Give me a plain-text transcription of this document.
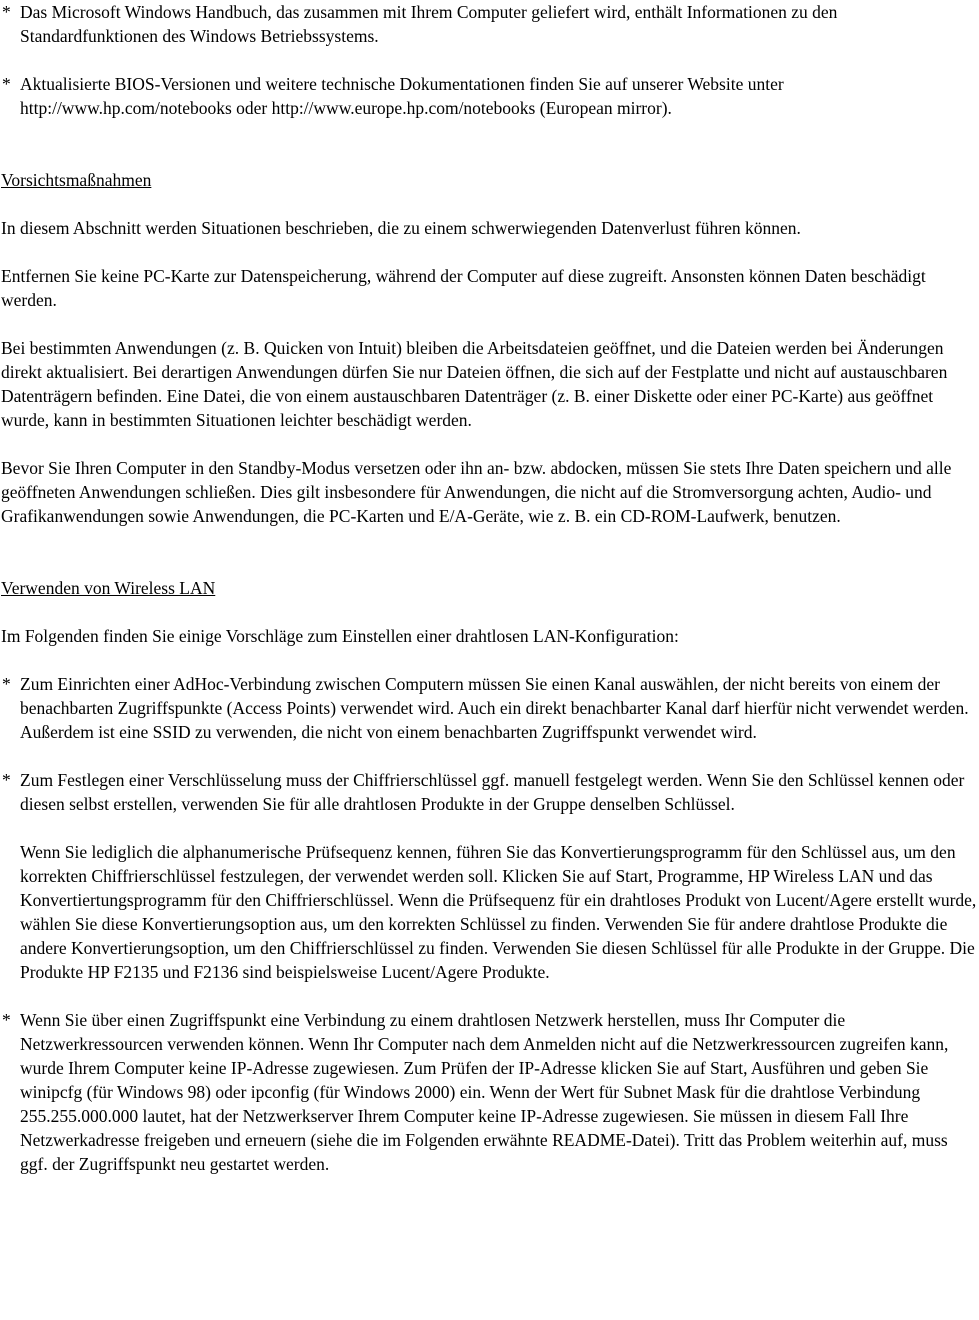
* Das Microsoft Windows Handbuch, das zusammen mit Ihrem Computer geliefert wird, enthält Informationen zu den Standardfunktionen des Windows Betriebssystems.

* Aktualisierte BIOS-Versionen und weitere technische Dokumentationen finden Sie auf unserer Website unter http://www.hp.com/notebooks oder http://www.europe.hp.com/notebooks (European mirror).

Vorsichtsmaßnahmen

In diesem Abschnitt werden Situationen beschrieben, die zu einem schwerwiegenden Datenverlust führen können.

Entfernen Sie keine PC-Karte zur Datenspeicherung, während der Computer auf diese zugreift. Ansonsten können Daten beschädigt werden.

Bei bestimmten Anwendungen (z. B. Quicken von Intuit) bleiben die Arbeitsdateien geöffnet, und die Dateien werden bei Änderungen direkt aktualisiert. Bei derartigen Anwendungen dürfen Sie nur Dateien öffnen, die sich auf der Festplatte und nicht auf austauschbaren Datenträgern befinden. Eine Datei, die von einem austauschbaren Datenträger (z. B. einer Diskette oder einer PC-Karte) aus geöffnet wurde, kann in bestimmten Situationen leichter beschädigt werden.

Bevor Sie Ihren Computer in den Standby-Modus versetzen oder ihn an- bzw. abdocken, müssen Sie stets Ihre Daten speichern und alle geöffneten Anwendungen schließen. Dies gilt insbesondere für Anwendungen, die nicht auf die Stromversorgung achten, Audio- und Grafikanwendungen sowie Anwendungen, die PC-Karten und E/A-Geräte, wie z. B. ein CD-ROM-Laufwerk, benutzen.

Verwenden von Wireless LAN

Im Folgenden finden Sie einige Vorschläge zum Einstellen einer drahtlosen LAN-Konfiguration:

* Zum Einrichten einer AdHoc-Verbindung zwischen Computern müssen Sie einen Kanal auswählen, der nicht bereits von einem der benachbarten Zugriffspunkte (Access Points) verwendet wird. Auch ein direkt benachbarter Kanal darf hierfür nicht verwendet werden. Außerdem ist eine SSID zu verwenden, die nicht von einem benachbarten Zugriffspunkt verwendet wird.

* Zum Festlegen einer Verschlüsselung muss der Chiffrierschlüssel ggf. manuell festgelegt werden. Wenn Sie den Schlüssel kennen oder diesen selbst erstellen, verwenden Sie für alle drahtlosen Produkte in der Gruppe denselben Schlüssel.

Wenn Sie lediglich die alphanumerische Prüfsequenz kennen, führen Sie das Konvertierungsprogramm für den Schlüssel aus, um den korrekten Chiffrierschlüssel festzulegen, der verwendet werden soll. Klicken Sie auf Start, Programme, HP Wireless LAN und das Konvertiertungsprogramm für den Chiffrierschlüssel. Wenn die Prüfsequenz für ein drahtloses Produkt von Lucent/Agere erstellt wurde, wählen Sie diese Konvertierungsoption aus, um den korrekten Schlüssel zu finden. Verwenden Sie für andere drahtlose Produkte die andere Konvertierungsoption, um den Chiffrierschlüssel zu finden. Verwenden Sie diesen Schlüssel für alle Produkte in der Gruppe. Die Produkte HP F2135 und F2136 sind beispielsweise Lucent/Agere Produkte.

* Wenn Sie über einen Zugriffspunkt eine Verbindung zu einem drahtlosen Netzwerk herstellen, muss Ihr Computer die Netzwerkressourcen verwenden können. Wenn Ihr Computer nach dem Anmelden nicht auf die Netzwerkressourcen zugreifen kann, wurde Ihrem Computer keine IP-Adresse zugewiesen. Zum Prüfen der IP-Adresse klicken Sie auf Start, Ausführen und geben Sie winipcfg (für Windows 98) oder ipconfig (für Windows 2000) ein. Wenn der Wert für Subnet Mask für die drahtlose Verbindung 255.255.000.000 lautet, hat der Netzwerkserver Ihrem Computer keine IP-Adresse zugewiesen. Sie müssen in diesem Fall Ihre Netzwerkadresse freigeben und erneuern (siehe die im Folgenden erwähnte README-Datei). Tritt das Problem weiterhin auf, muss ggf. der Zugriffspunkt neu gestartet werden.
